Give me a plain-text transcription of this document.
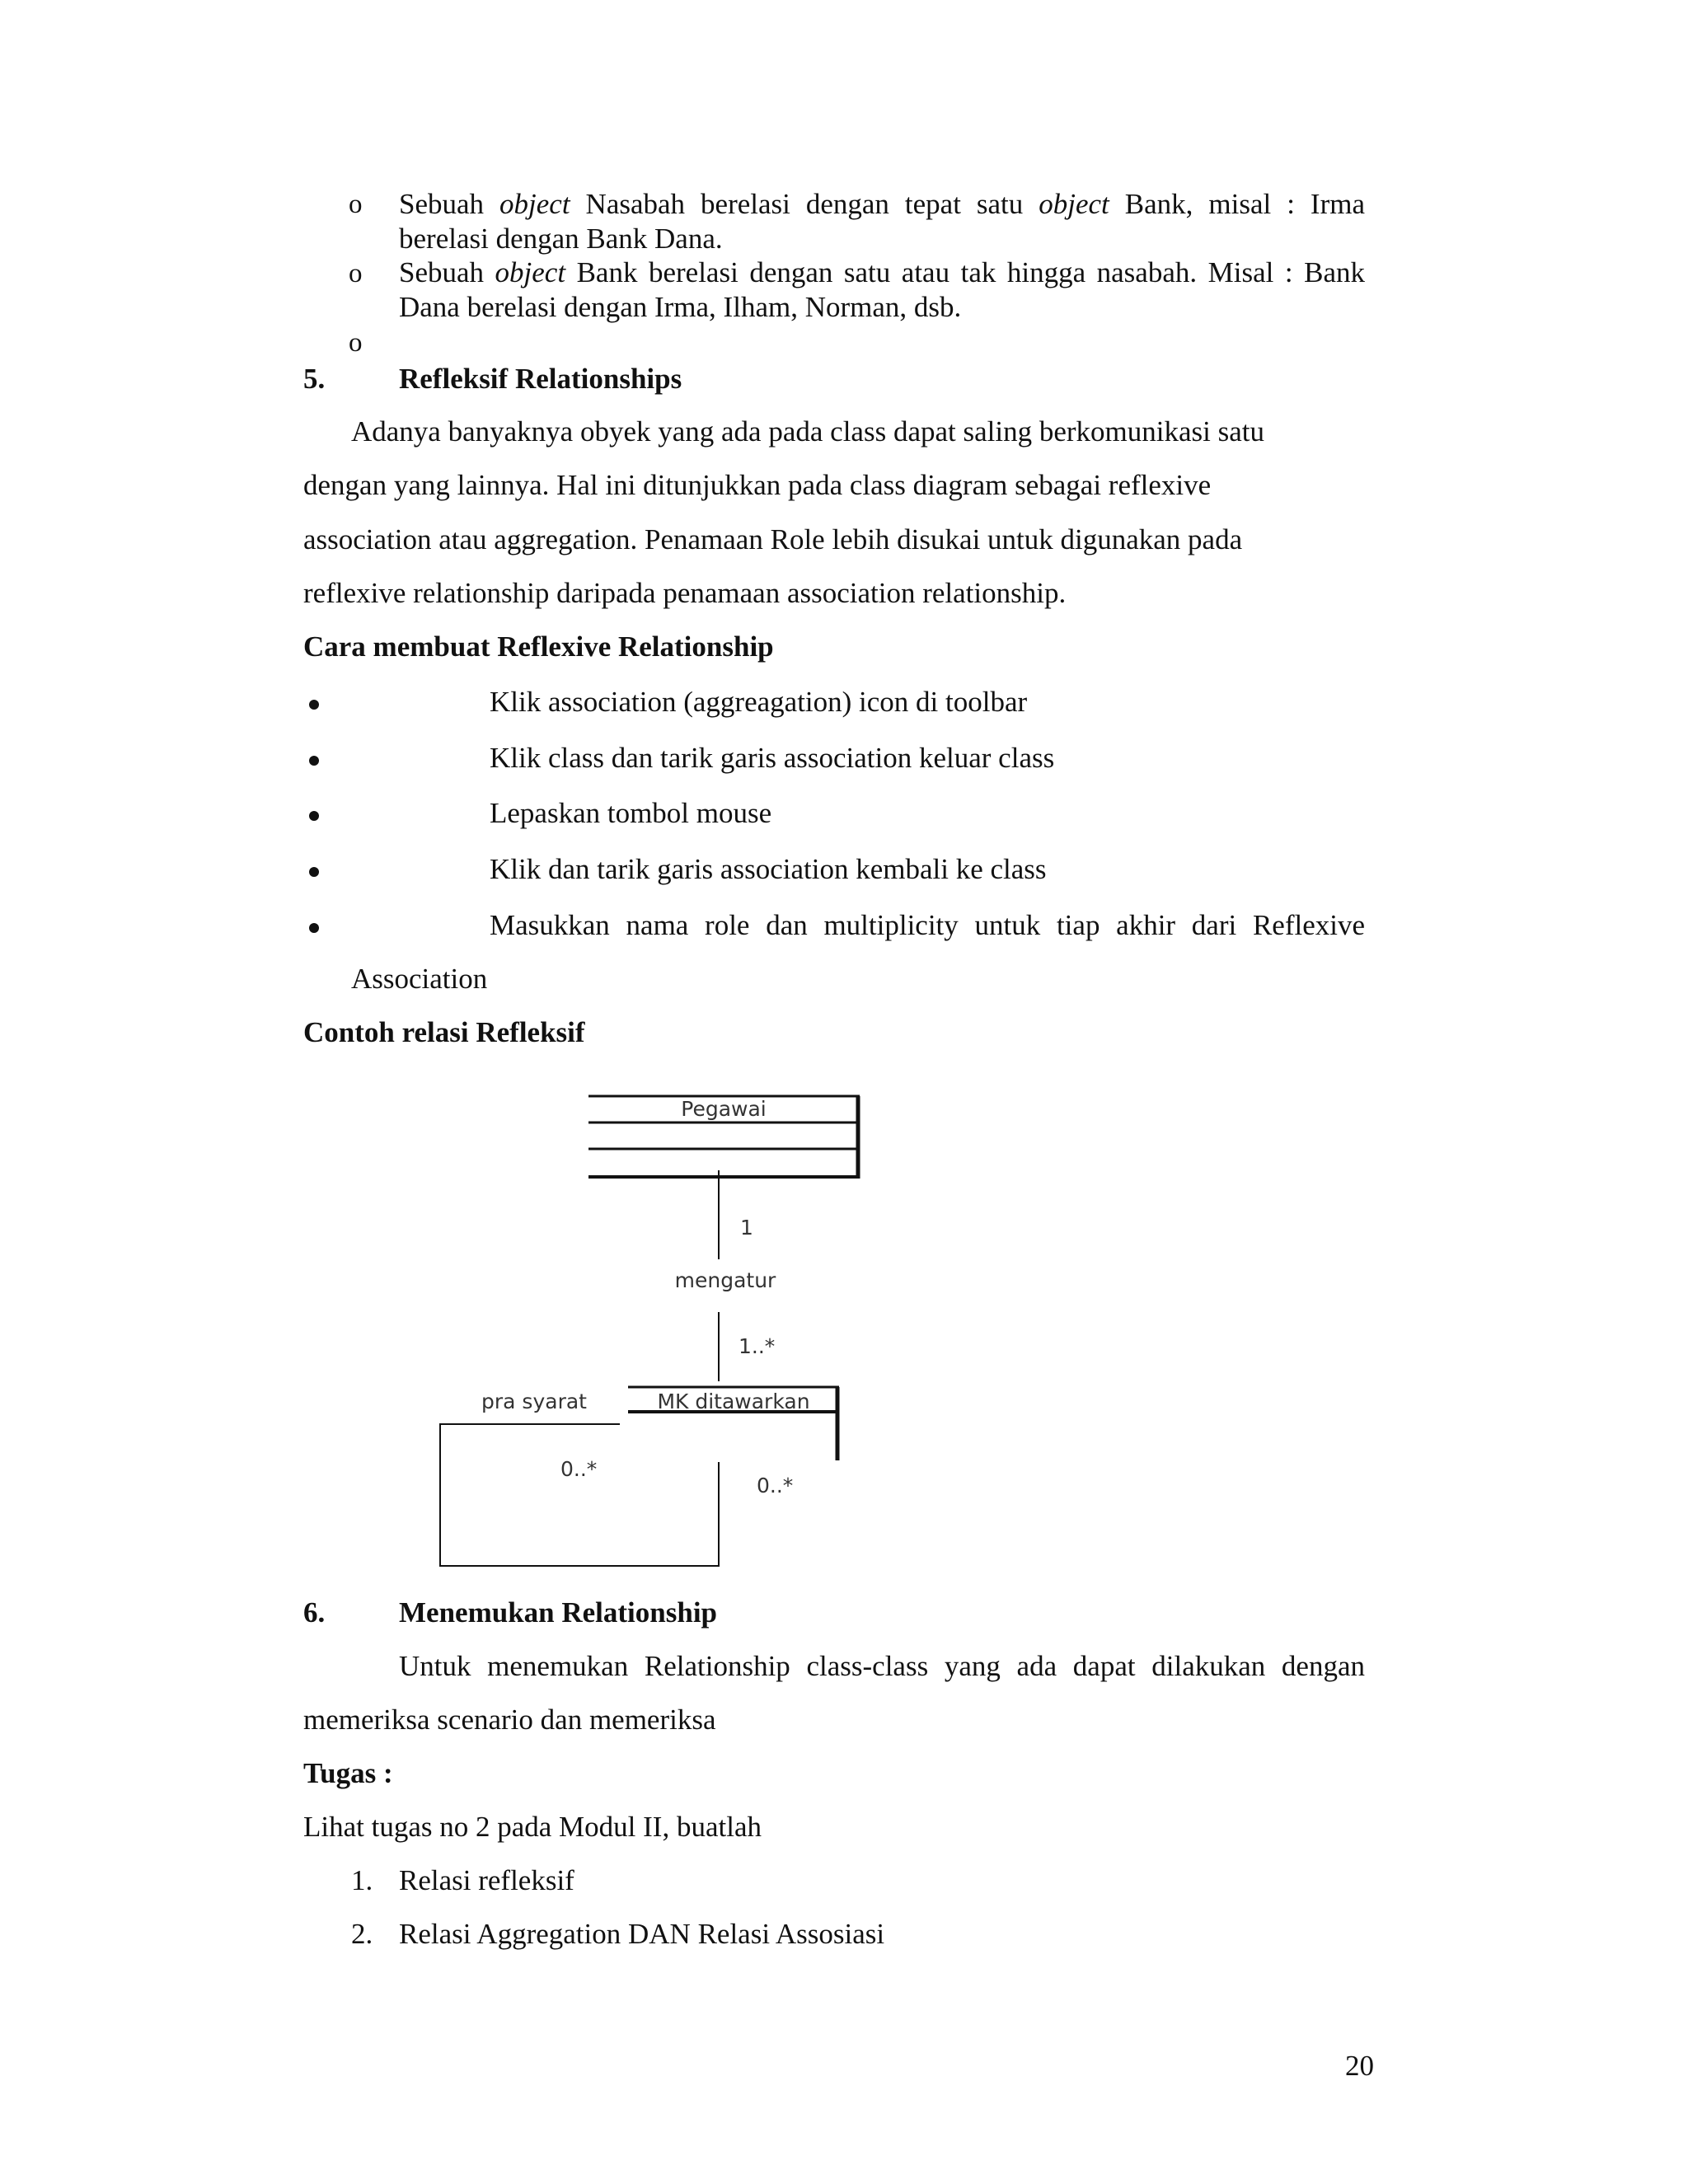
o Sebuah object Nasabah berelasi dengan tepat satu object Bank, misal : Irma
berelasi dengan Bank Dana.
o Sebuah object Bank berelasi dengan satu atau tak hingga nasabah. Misal : Bank
Dana berelasi dengan Irma, Ilham, Norman, dsb.
o
5.	Refleksif Relationships
Adanya banyaknya obyek yang ada pada class dapat saling berkomunikasi satu
dengan yang lainnya. Hal ini ditunjukkan pada class diagram sebagai reflexive
association atau aggregation. Penamaan Role lebih disukai untuk digunakan pada
reflexive relationship daripada penamaan association relationship.
Cara membuat Reflexive Relationship
Klik association (aggreagation) icon di toolbar
Klik class dan tarik garis association keluar class
Lepaskan tombol mouse
Klik dan tarik garis association kembali ke class
Masukkan nama role dan multiplicity untuk tiap akhir dari Reflexive
Association
Contoh relasi Refleksif
Pegawai
1
mengatur
1..*
MK ditawarkan
pra syarat
0..*
0..*
6.	Menemukan Relationship
Untuk menemukan Relationship class-class yang ada dapat dilakukan dengan
memeriksa scenario dan memeriksa
Tugas :
Lihat tugas no 2 pada Modul II, buatlah
1. Relasi refleksif
2. Relasi Aggregation DAN Relasi Assosiasi
20
